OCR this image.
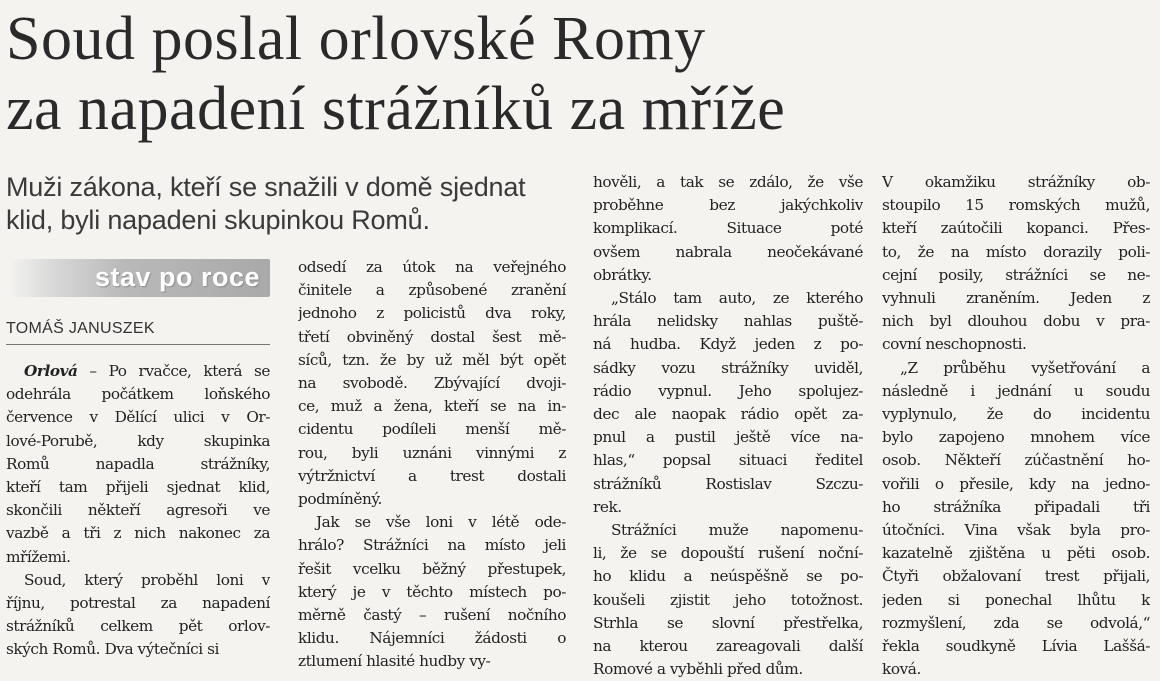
Soud poslal orlovské Romy
za napadení strážníků za mříže

Muži zákona, kteří se snažili v domě sjednat
klid, byli napadeni skupinkou Romů.

stav po roce
TOMÁŠ JANUSZEK
Orlová – Po rvačce, která se
odehrála počátkem loňského
července v Dělící ulici v Or-
lové-Porubě, kdy skupinka
Romů napadla strážníky,
kteří tam přijeli sjednat klid,
skončili někteří agresoři ve
vazbě a tři z nich nakonec za
mřížemi.
Soud, který proběhl loni v
říjnu, potrestal za napadení
strážníků celkem pět orlov-
ských Romů. Dva výtečníci si
odsedí za útok na veřejného
činitele a způsobené zranění
jednoho z policistů dva roky,
třetí obviněný dostal šest mě-
síců, tzn. že by už měl být opět
na svobodě. Zbývající dvoji-
ce, muž a žena, kteří se na in-
cidentu podíleli menší mě-
rou, byli uznáni vinnými z
výtržnictví a trest dostali
podmíněný.
Jak se vše loni v létě ode-
hrálo? Strážníci na místo jeli
řešit vcelku běžný přestupek,
který je v těchto místech po-
měrně častý – rušení nočního
klidu. Nájemníci žádosti o
ztlumení hlasité hudby vy-
hověli, a tak se zdálo, že vše
proběhne bez jakýchkoliv
komplikací. Situace poté
ovšem nabrala neočekávané
obrátky.
„Stálo tam auto, ze kterého
hrála nelidsky nahlas puště-
ná hudba. Když jeden z po-
sádky vozu strážníky uviděl,
rádio vypnul. Jeho spolujez-
dec ale naopak rádio opět za-
pnul a pustil ještě více na-
hlas,“ popsal situaci ředitel
strážníků Rostislav Szczu-
rek.
Strážníci muže napomenu-
li, že se dopouští rušení noční-
ho klidu a neúspěšně se po-
koušeli zjistit jeho totožnost.
Strhla se slovní přestřelka,
na kterou zareagovali další
Romové a vyběhli před dům.
V okamžiku strážníky ob-
stoupilo 15 romských mužů,
kteří zaútočili kopanci. Přes-
to, že na místo dorazily poli-
cejní posily, strážníci se ne-
vyhnuli zraněním. Jeden z
nich byl dlouhou dobu v pra-
covní neschopnosti.
„Z průběhu vyšetřování a
následně i jednání u soudu
vyplynulo, že do incidentu
bylo zapojeno mnohem více
osob. Někteří zúčastnění ho-
vořili o přesile, kdy na jedno-
ho strážníka připadali tři
útočníci. Vina však byla pro-
kazatelně zjištěna u pěti osob.
Čtyři obžalovaní trest přijali,
jeden si ponechal lhůtu k
rozmyšlení, zda se odvolá,“
řekla soudkyně Lívia Laššá-
ková.
